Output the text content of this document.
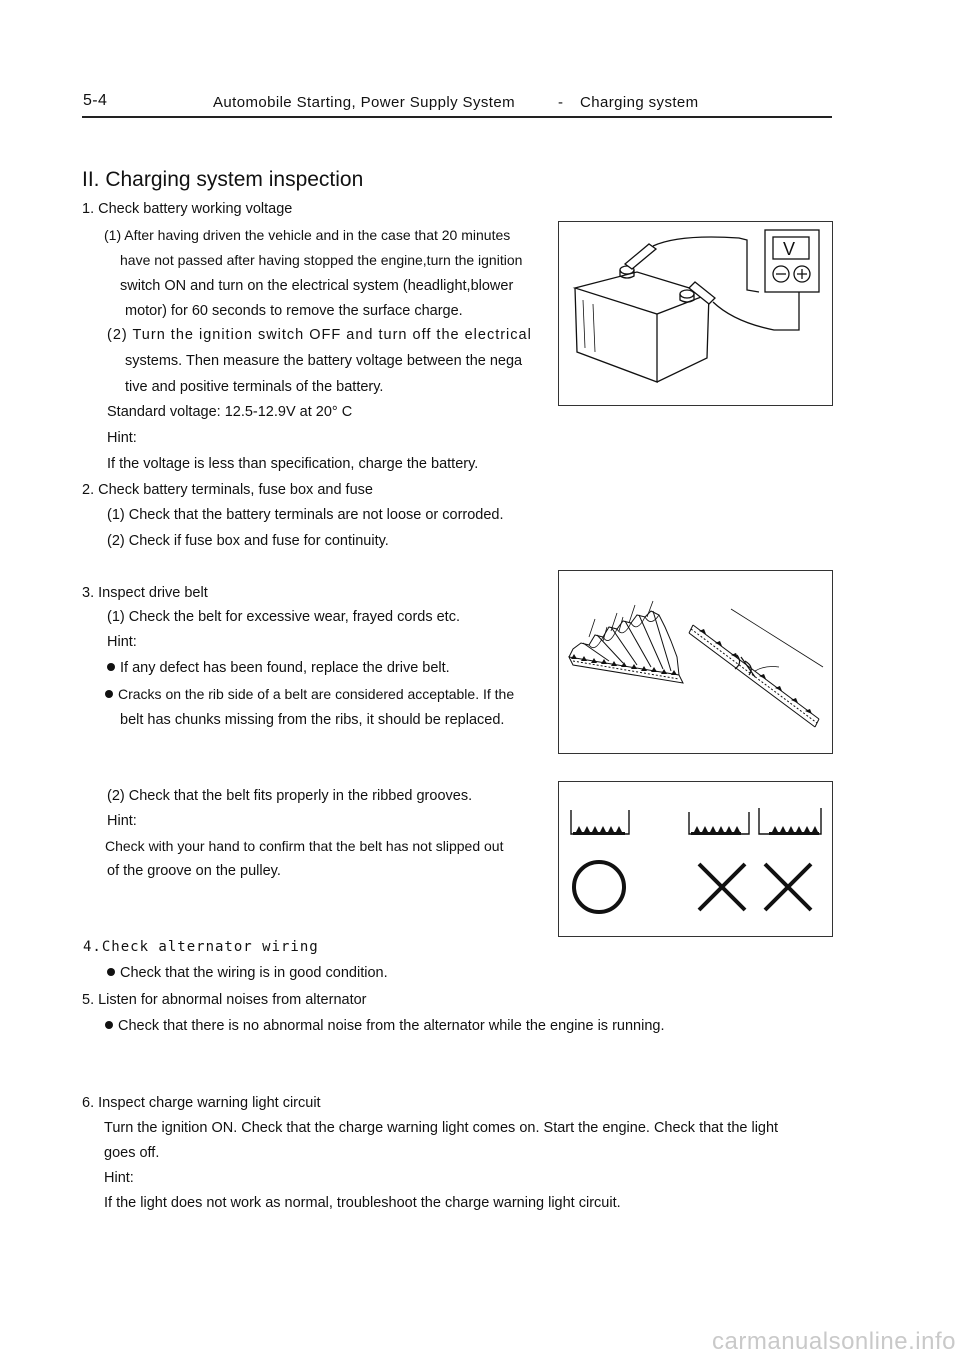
5-4	Automobile Starting, Power Supply System	- Charging system
II. Charging system inspection
1. Check battery working voltage
(1) After having driven the vehicle and in the case that 20 minutes
have not passed after having stopped the engine,turn the ignition
switch ON and turn on the electrical system (headlight,blower
motor) for 60 seconds to remove the surface charge.
(2) Turn the ignition switch OFF and turn off the electrical
systems. Then measure the battery voltage between the nega
tive and positive terminals of the battery.
Standard voltage: 12.5-12.9V at 20° C
Hint:
If the voltage is less than specification, charge the battery.
V
2. Check battery terminals, fuse box and fuse
(1) Check that the battery terminals are not loose or corroded.
(2) Check if fuse box and fuse for continuity.
3. Inspect drive belt
(1) Check the belt for excessive wear, frayed cords etc.
Hint:
If any defect has been found, replace the drive belt.
Cracks on the rib side of a belt are considered acceptable. If the
belt has chunks missing from the ribs, it should be replaced.
(2) Check that the belt fits properly in the ribbed grooves.
Hint:
Check with your hand to confirm that the belt has not slipped out
of the groove on the pulley.
4.Check alternator wiring
Check that the wiring is in good condition.
5. Listen for abnormal noises from alternator
Check that there is no abnormal noise from the alternator while the engine is running.
6. Inspect charge warning light circuit
Turn the ignition ON. Check that the charge warning light comes on. Start the engine. Check that the light
goes off.
Hint:
If the light does not work as normal, troubleshoot the charge warning light circuit.
carmanualsonline.info
